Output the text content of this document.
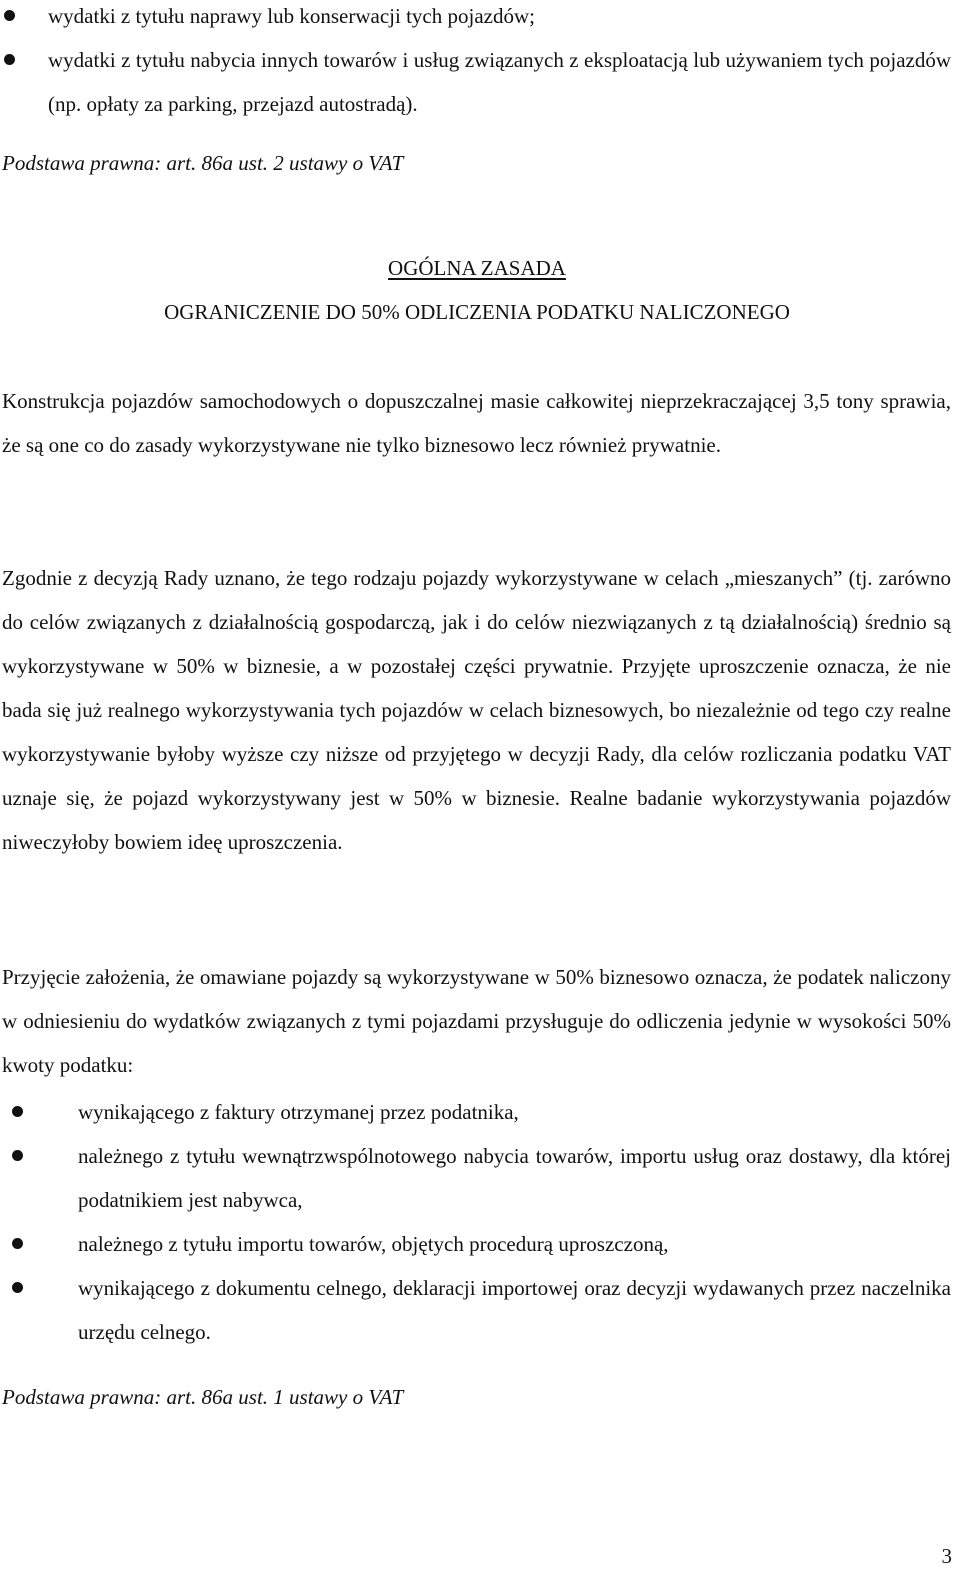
wydatki z tytułu naprawy lub konserwacji tych pojazdów;
wydatki z tytułu nabycia innych towarów i usług związanych z eksploatacją lub używaniem tych pojazdów (np. opłaty za parking, przejazd autostradą).
Podstawa prawna: art. 86a ust. 2 ustawy o VAT
OGÓLNA ZASADA
OGRANICZENIE DO 50% ODLICZENIA PODATKU NALICZONEGO
Konstrukcja pojazdów samochodowych o dopuszczalnej masie całkowitej nieprzekraczającej 3,5 tony sprawia, że są one co do zasady wykorzystywane nie tylko biznesowo lecz również prywatnie.
Zgodnie z decyzją Rady uznano, że tego rodzaju pojazdy wykorzystywane w celach „mieszanych” (tj. zarówno do celów związanych z działalnością gospodarczą, jak i do celów niezwiązanych z tą działalnością) średnio są wykorzystywane w 50% w biznesie, a w pozostałej części prywatnie. Przyjęte uproszczenie oznacza, że nie bada się już realnego wykorzystywania tych pojazdów w celach biznesowych, bo niezależnie od tego czy realne wykorzystywanie byłoby wyższe czy niższe od przyjętego w decyzji Rady, dla celów rozliczania podatku VAT uznaje się, że pojazd wykorzystywany jest w 50% w biznesie. Realne badanie wykorzystywania pojazdów niweczyłoby bowiem ideę uproszczenia.
Przyjęcie założenia, że omawiane pojazdy są wykorzystywane w 50% biznesowo oznacza, że podatek naliczony w odniesieniu do wydatków związanych z tymi pojazdami przysługuje do odliczenia jedynie w wysokości 50% kwoty podatku:
wynikającego z faktury otrzymanej przez podatnika,
należnego z tytułu wewnątrzwspólnotowego nabycia towarów, importu usług oraz dostawy, dla której podatnikiem jest nabywca,
należnego z tytułu importu towarów, objętych procedurą uproszczoną,
wynikającego z dokumentu celnego, deklaracji importowej oraz decyzji wydawanych przez naczelnika urzędu celnego.
Podstawa prawna: art. 86a ust. 1 ustawy o VAT
3
